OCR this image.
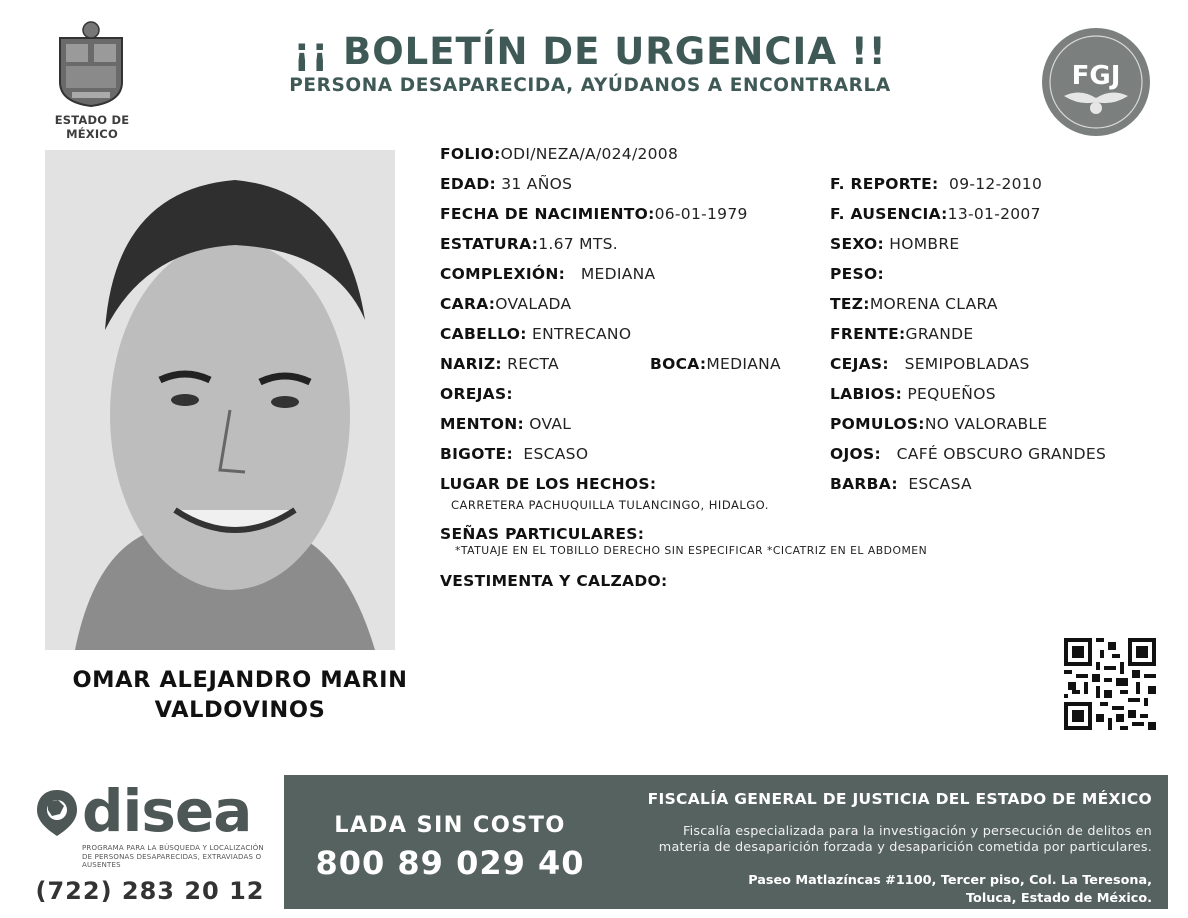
ESTADO DE MÉXICO
¡¡ BOLETÍN DE URGENCIA !!
PERSONA DESAPARECIDA, AYÚDANOS A ENCONTRARLA	FGJ
OMAR ALEJANDRO MARIN
VALDOVINOS
FOLIO:ODI/NEZA/A/024/2008
EDAD: 31 AÑOS
FECHA DE NACIMIENTO:06-01-1979
ESTATURA:1.67 MTS.
COMPLEXIÓN: MEDIANA
CARA:OVALADA
CABELLO: ENTRECANO
NARIZ: RECTA	BOCA:MEDIANA
OREJAS:
MENTON: OVAL
BIGOTE: ESCASO
LUGAR DE LOS HECHOS:
CARRETERA PACHUQUILLA TULANCINGO, HIDALGO.
SEÑAS PARTICULARES:
*TATUAJE EN EL TOBILLO DERECHO SIN ESPECIFICAR *CICATRIZ EN EL ABDOMEN
VESTIMENTA Y CALZADO:
F. REPORTE: 09-12-2010
F. AUSENCIA:13-01-2007
SEXO: HOMBRE
PESO:
TEZ:MORENA CLARA
FRENTE:GRANDE
CEJAS: SEMIPOBLADAS
LABIOS: PEQUEÑOS
POMULOS:NO VALORABLE
OJOS: CAFÉ OBSCURO GRANDES
BARBA: ESCASA
disea
PROGRAMA PARA LA BÚSQUEDA Y LOCALIZACIÓN DE PERSONAS DESAPARECIDAS, EXTRAVIADAS O AUSENTES
(722) 283 20 12
LADA SIN COSTO
800 89 029 40
FISCALÍA GENERAL DE JUSTICIA DEL ESTADO DE MÉXICO
Fiscalía especializada para la investigación y persecución de delitos en
materia de desaparición forzada y desaparición cometida por particulares.
Paseo Matlazíncas #1100, Tercer piso, Col. La Teresona,
Toluca, Estado de México.
